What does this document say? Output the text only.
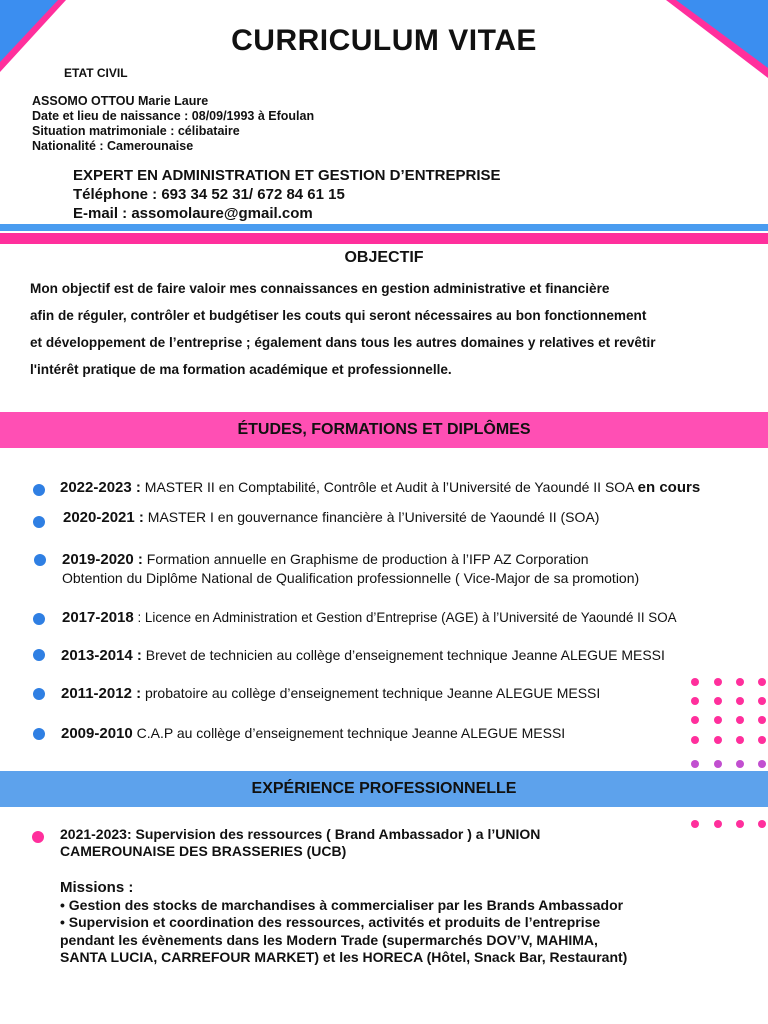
CURRICULUM VITAE
ETAT CIVIL
ASSOMO OTTOU Marie Laure
Date et lieu de naissance : 08/09/1993 à Efoulan
Situation matrimoniale : célibataire
Nationalité : Camerounaise
EXPERT EN ADMINISTRATION ET GESTION D’ENTREPRISE
Téléphone : 693 34 52 31/ 672 84 61 15
E-mail : assomolaure@gmail.com
OBJECTIF
Mon objectif est de faire valoir mes connaissances en gestion administrative et financière
afin de réguler, contrôler et budgétiser les couts qui seront nécessaires au bon fonctionnement
et développement de l’entreprise ; également dans tous les autres domaines y relatives et revêtir
l'intérêt pratique de ma formation académique et professionnelle.
ÉTUDES, FORMATIONS ET DIPLÔMES
2022-2023 : MASTER II en Comptabilité, Contrôle et Audit à l’Université de Yaoundé II SOA en cours
2020-2021 : MASTER I en gouvernance financière à l’Université de Yaoundé II (SOA)
2019-2020 : Formation annuelle en Graphisme de production à l’IFP AZ Corporation
Obtention du Diplôme National de Qualification professionnelle ( Vice-Major de sa promotion)
2017-2018 : Licence en Administration et Gestion d’Entreprise (AGE) à l’Université de Yaoundé II SOA
2013-2014 : Brevet de technicien au collège d’enseignement technique Jeanne ALEGUE MESSI
2011-2012 : probatoire au collège d’enseignement technique Jeanne ALEGUE MESSI
2009-2010 C.A.P au collège d’enseignement technique Jeanne ALEGUE MESSI
EXPÉRIENCE PROFESSIONNELLE
2021-2023: Supervision des ressources ( Brand Ambassador ) a l’UNION
CAMEROUNAISE DES BRASSERIES (UCB)
Missions :
• Gestion des stocks de marchandises à commercialiser par les Brands Ambassador
• Supervision et coordination des ressources, activités et produits de l’entreprise
pendant les évènements dans les Modern Trade (supermarchés DOV’V, MAHIMA,
SANTA LUCIA, CARREFOUR MARKET) et les HORECA (Hôtel, Snack Bar, Restaurant)
